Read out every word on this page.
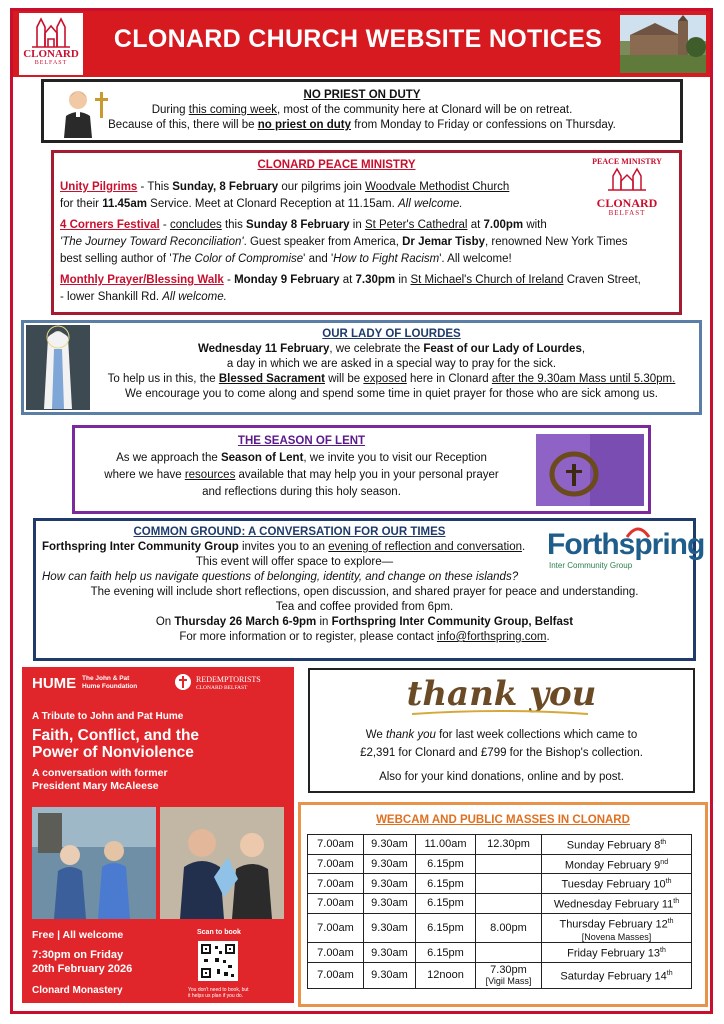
CLONARD
BELFAST
CLONARD CHURCH WEBSITE NOTICES
NO PRIEST ON DUTY
During this coming week, most of the community here at Clonard will be on retreat.
Because of this, there will be no priest on duty from Monday to Friday or confessions on Thursday.
CLONARD PEACE MINISTRY	PEACE MINISTRY
CLONARD
BELFAST
Unity Pilgrims - This Sunday, 8 February our pilgrims join Woodvale Methodist Church
for their 11.45am Service. Meet at Clonard Reception at 11.15am. All welcome.
4 Corners Festival - concludes this Sunday 8 February in St Peter's Cathedral at 7.00pm with
'The Journey Toward Reconciliation'. Guest speaker from America, Dr Jemar Tisby, renowned New York Times
best selling author of 'The Color of Compromise' and 'How to Fight Racism'. All welcome!
Monthly Prayer/Blessing Walk - Monday 9 February at 7.30pm in St Michael's Church of Ireland Craven Street,
- lower Shankill Rd. All welcome.
OUR LADY OF LOURDES
Wednesday 11 February, we celebrate the Feast of our Lady of Lourdes,
a day in which we are asked in a special way to pray for the sick.
To help us in this, the Blessed Sacrament will be exposed here in Clonard after the 9.30am Mass until 5.30pm.
We encourage you to come along and spend some time in quiet prayer for those who are sick among us.
THE SEASON OF LENT
As we approach the Season of Lent, we invite you to visit our Reception
where we have resources available that may help you in your personal prayer
and reflections during this holy season.
COMMON GROUND: A CONVERSATION FOR OUR TIMES
Forthspring Inter Community Group invites you to an evening of reflection and conversation.
This event will offer space to explore—
How can faith help us navigate questions of belonging, identity, and change on these islands?
The evening will include short reflections, open discussion, and shared prayer for peace and understanding.
Tea and coffee provided from 6pm.
On Thursday 26 March 6-9pm in Forthspring Inter Community Group, Belfast
For more information or to register, please contact info@forthspring.com.
Forthspring
Inter Community Group
HUME The John & Pat
Hume Foundation
REDEMPTORISTS
CLONARD BELFAST
A Tribute to John and Pat Hume
Faith, Conflict, and the
Power of Nonviolence
A conversation with former
President Mary McAleese
Free | All welcome
7:30pm on Friday
20th February 2026
Clonard Monastery
Scan to book
You don't need to book, but
it helps us plan if you do.
thank you
We thank you for last week collections which came to
£2,391 for Clonard and £799 for the Bishop's collection.
Also for your kind donations, online and by post.
WEBCAM AND PUBLIC MASSES IN CLONARD
7.00am	9.30am	11.00am	12.30pm	Sunday February 8th

7.00am	9.30am	6.15pm		Monday February 9nd

7.00am	9.30am	6.15pm		Tuesday February 10th

7.00am	9.30am	6.15pm		Wednesday February 11th

7.00am	9.30am	6.15pm	8.00pm	Thursday February 12th
[Novena Masses]

7.00am	9.30am	6.15pm		Friday February 13th

7.00am	9.30am	12noon	7.30pm
[Vigil Mass]	Saturday February 14th
